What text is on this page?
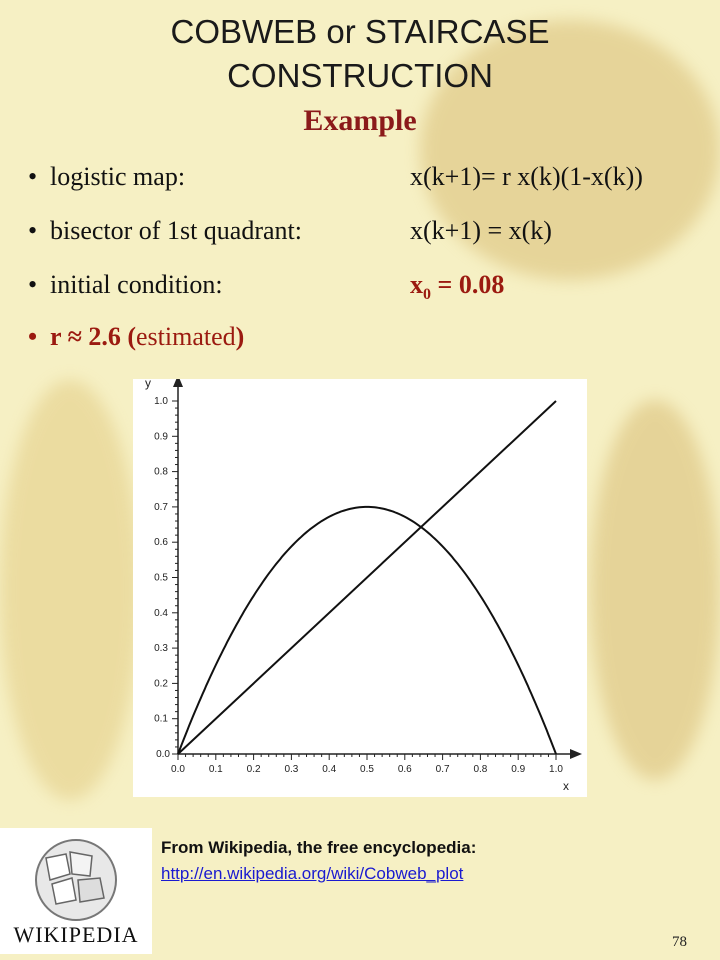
COBWEB or STAIRCASE
CONSTRUCTION
Example
• logistic map:	x(k+1)= r x(k)(1-x(k))
• bisector of 1st quadrant:	x(k+1) = x(k)
• initial condition:	$x_0 = 0.08$
• r ≈ 2.6 (estimated)
0.0 0.1 0.2 0.3 0.4 0.5 0.6 0.7 0.8 0.9 1.0
0.1
0.2
0.3
0.4
0.5
0.6
0.7
0.8
0.9
1.0
0.0
x
y
WIKIPEDIA
From Wikipedia, the free encyclopedia:
http://en.wikipedia.org/wiki/Cobweb_plot
78
